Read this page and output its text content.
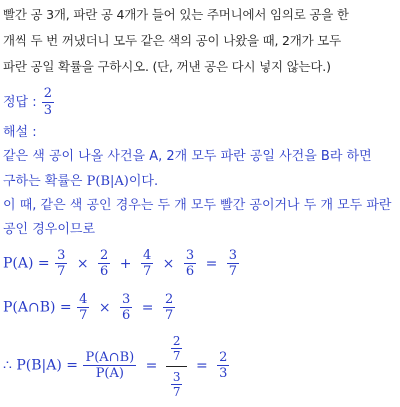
빨간 공 3개, 파란 공 4개가 들어 있는 주머니에서 임의로 공을 한
개씩 두 번 꺼냈더니 모두 같은 색의 공이 나왔을 때, 2개가 모두
파란 공일 확률을 구하시오. (단, 꺼낸 공은 다시 넣지 않는다.)
정답 : $\frac{2}{3}$
해설 :
같은 색 공이 나올 사건을 A, 2개 모두 파란 공일 사건을 B라 하면
구하는 확률은 P(B|A)이다.
이 때, 같은 색 공인 경우는 두 개 모두 빨간 공이거나 두 개 모두 파란
공인 경우이므로
$P(A) = \frac{3}{7} \times \frac{2}{6} + \frac{4}{7} \times \frac{3}{6} = \frac{3}{7}$
P(A∩B) = $\frac{4}{7} \times \frac{3}{6} = \frac{2}{7}$
∴ $P(B|A) = \frac{P(A\cap B)}{P(A)} = \frac{\frac{2}{7}}{\frac{3}{7}} = \frac{2}{3}$
